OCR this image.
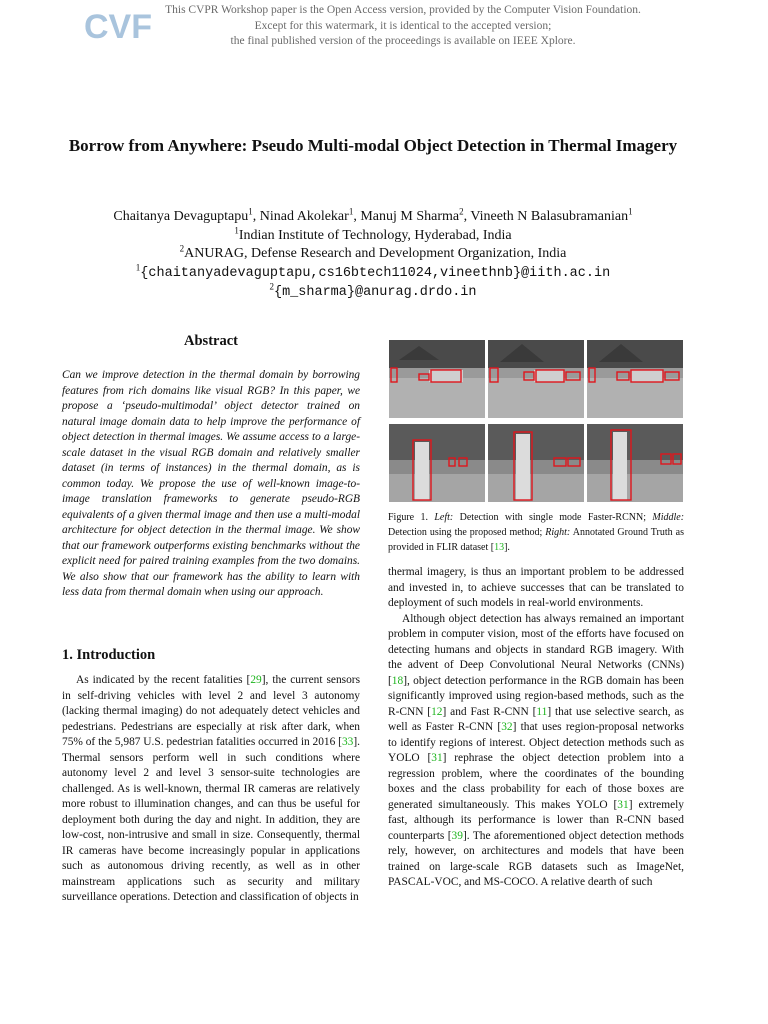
CVF	This CVPR Workshop paper is the Open Access version, provided by the Computer Vision Foundation.
Except for this watermark, it is identical to the accepted version;
the final published version of the proceedings is available on IEEE Xplore.
Borrow from Anywhere: Pseudo Multi-modal Object Detection in Thermal Imagery
Chaitanya Devaguptapu$^1$, Ninad Akolekar$^1$, Manuj M Sharma$^2$, Vineeth N Balasubramanian$^1$
$^1$Indian Institute of Technology, Hyderabad, India
$^2$ANURAG, Defense Research and Development Organization, India
$^1${chaitanyadevaguptapu,cs16btech11024,vineethnb}@iith.ac.in
$^2${m_sharma}@anurag.drdo.in
Abstract
Can we improve detection in the thermal domain by borrowing features from rich domains like visual RGB? In this paper, we propose a ‘pseudo-multimodal’ object detector trained on natural image domain data to help improve the performance of object detection in thermal images. We assume access to a large-scale dataset in the visual RGB domain and relatively smaller dataset (in terms of instances) in the thermal domain, as is common today. We propose the use of well-known image-to-image translation frameworks to generate pseudo-RGB equivalents of a given thermal image and then use a multi-modal architecture for object detection in the thermal image. We show that our framework outperforms existing benchmarks without the explicit need for paired training examples from the two domains. We also show that our framework has the ability to learn with less data from thermal domain when using our approach.
1. Introduction

As indicated by the recent fatalities [29], the current sensors in self-driving vehicles with level 2 and level 3 autonomy (lacking thermal imaging) do not adequately detect vehicles and pedestrians. Pedestrians are especially at risk after dark, when 75% of the 5,987 U.S. pedestrian fatalities occurred in 2016 [33]. Thermal sensors perform well in such conditions where autonomy level 2 and level 3 sensor-suite technologies are challenged. As is well-known, thermal IR cameras are relatively more robust to illumination changes, and can thus be useful for deployment both during the day and night. In addition, they are low-cost, non-intrusive and small in size. Consequently, thermal IR cameras have become increasingly popular in applications such as autonomous driving recently, as well as in other mainstream applications such as security and military surveillance operations. Detection and classification of objects in

thermal imagery, is thus an important problem to be addressed and invested in, to achieve successes that can be translated to deployment of such models in real-world environments.

Although object detection has always remained an important problem in computer vision, most of the efforts have focused on detecting humans and objects in standard RGB imagery. With the advent of Deep Convolutional Neural Networks (CNNs) [18], object detection performance in the RGB domain has been significantly improved using region-based methods, such as the R-CNN [12] and Fast R-CNN [11] that use selective search, as well as Faster R-CNN [32] that uses region-proposal networks to identify regions of interest. Object detection methods such as YOLO [31] rephrase the object detection problem into a regression problem, where the coordinates of the bounding boxes and the class probability for each of those boxes are generated simultaneously. This makes YOLO [31] extremely fast, although its performance is lower than R-CNN based counterparts [39]. The aforementioned object detection methods rely, however, on architectures and models that have been trained on large-scale RGB datasets such as ImageNet, PASCAL-VOC, and MS-COCO. A relative dearth of such

Figure 1. Left: Detection with single mode Faster-RCNN; Middle: Detection using the proposed method; Right: Annotated Ground Truth as provided in FLIR dataset [13].
